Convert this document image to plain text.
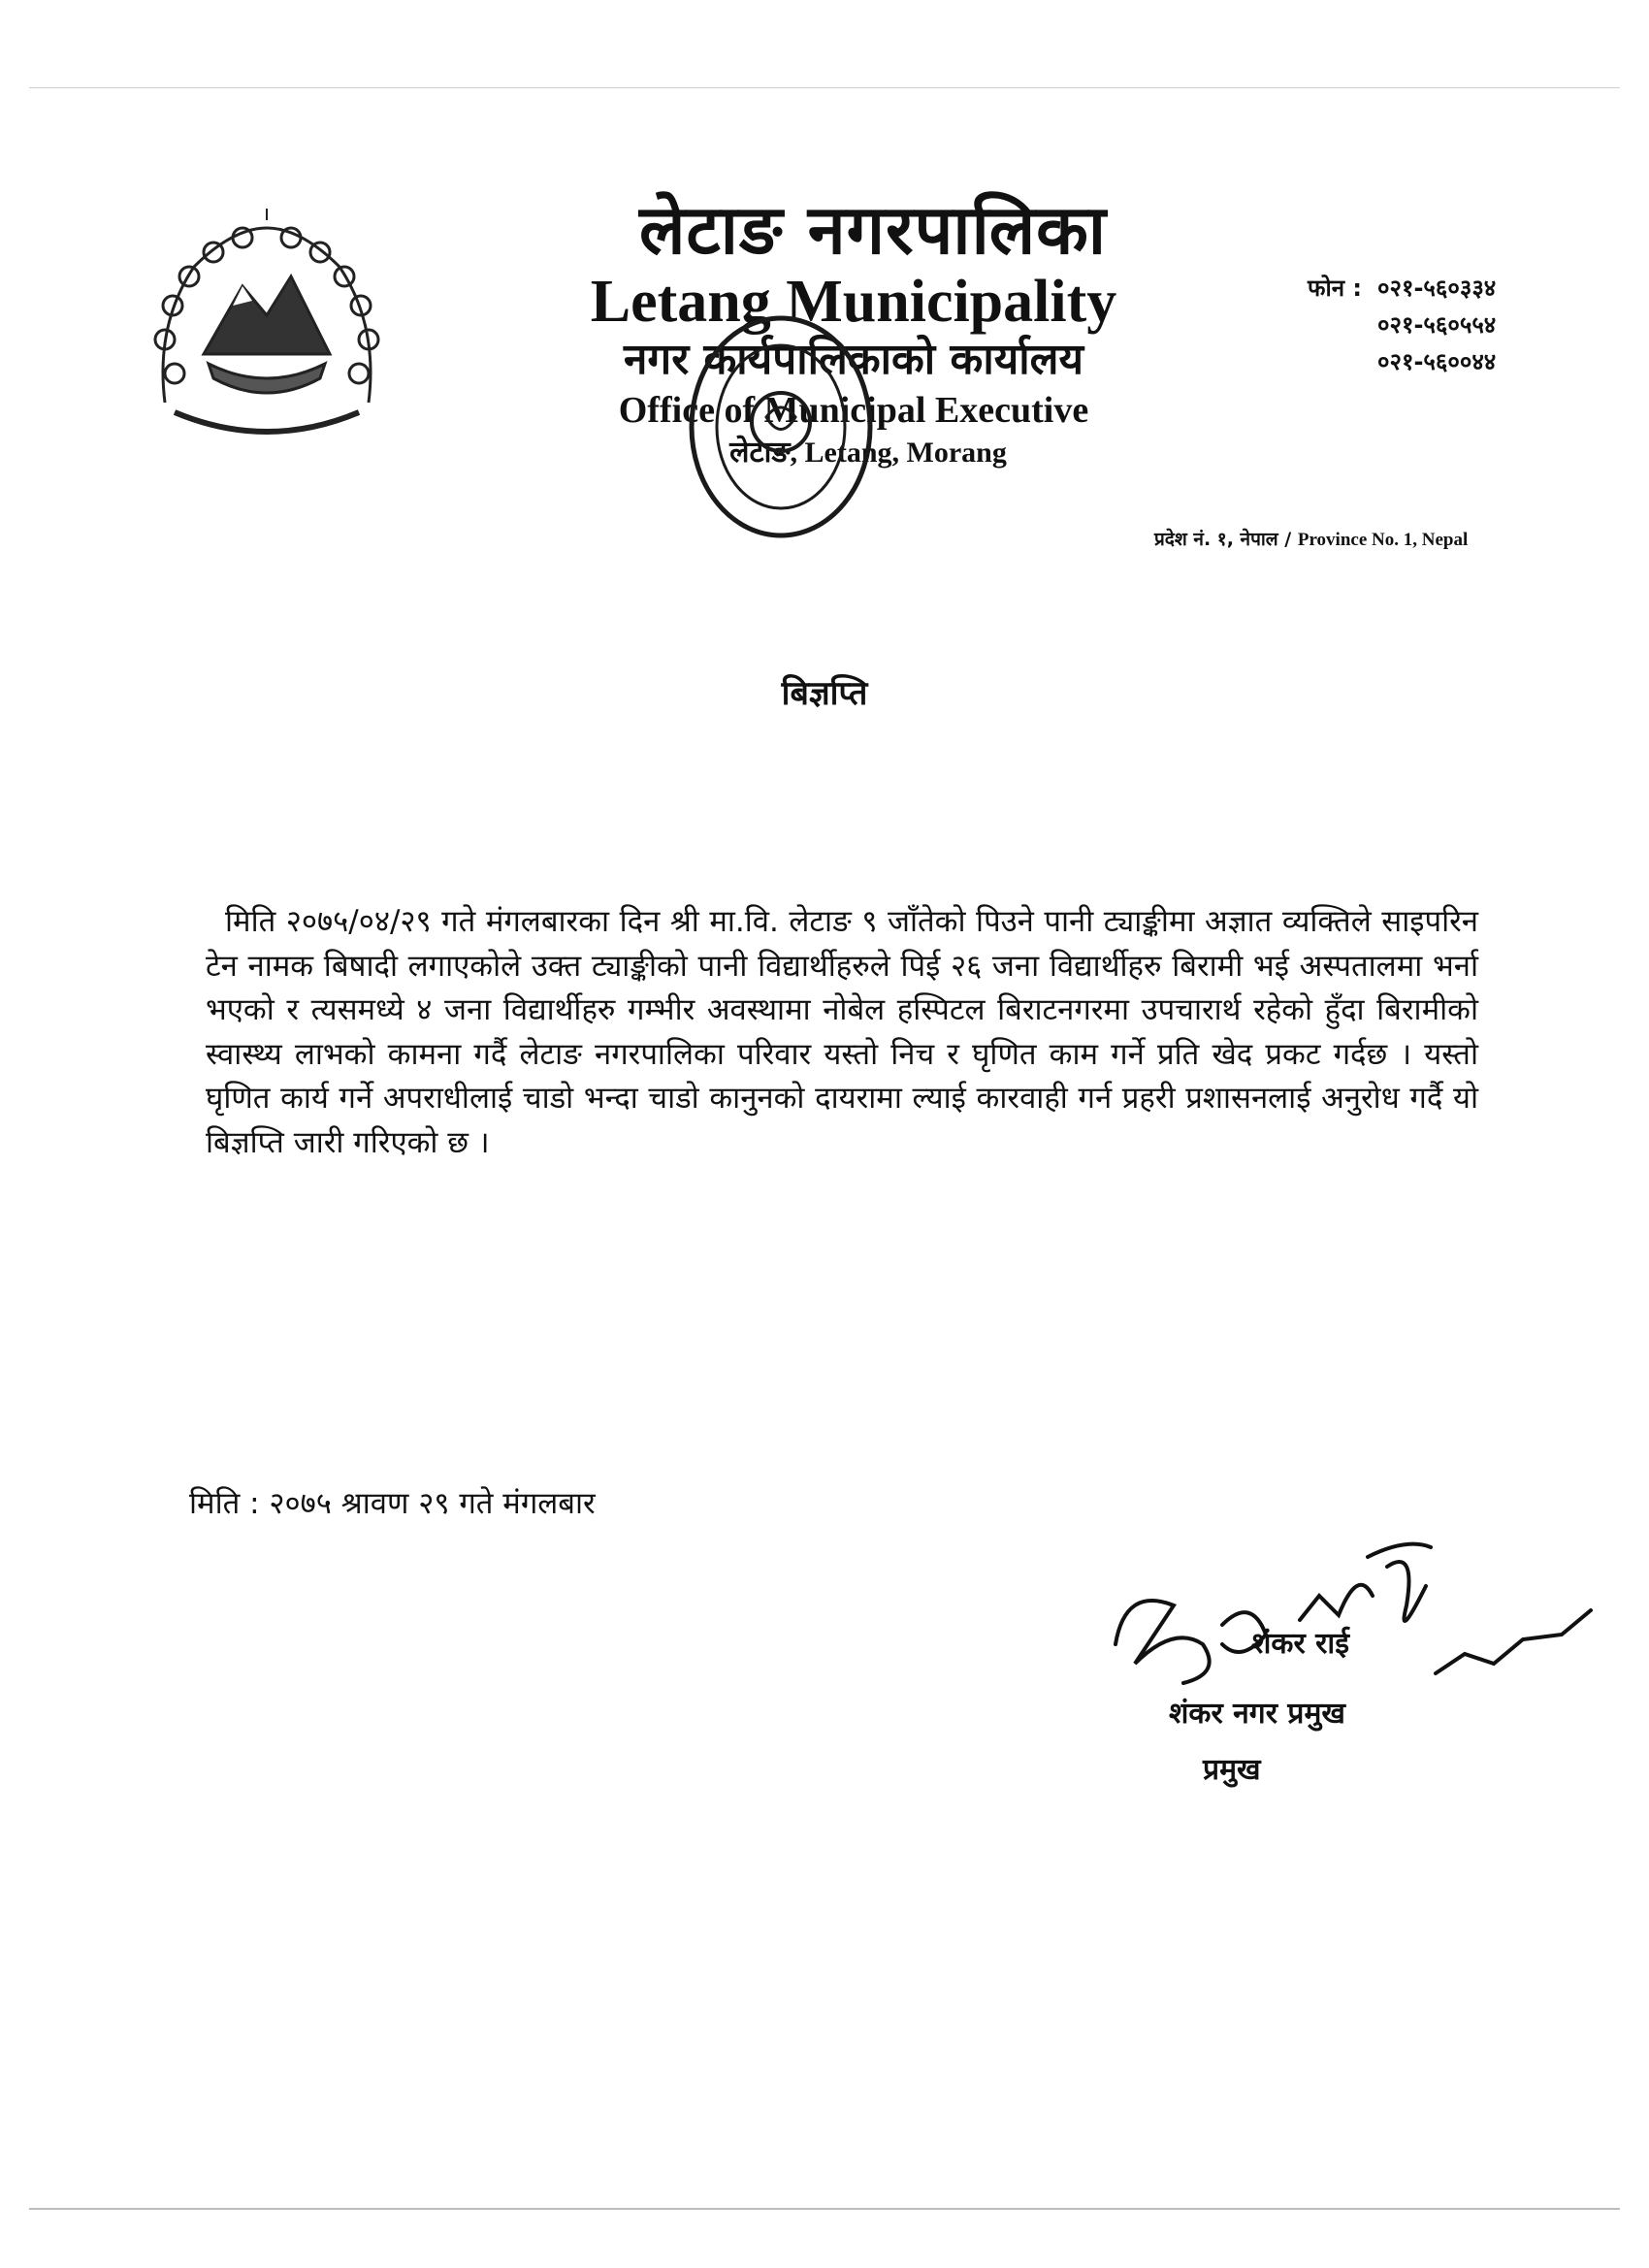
लेटाङ नगरपालिका
Letang Municipality
नगर कार्यपालिकाको कार्यालय
Office of Municipal Executive
लेटाङ, Letang, Morang
फोन : ०२१-५६०३३४
०२१-५६०५५४
०२१-५६००४४
प्रदेश नं. १, नेपाल / Province No. 1, Nepal
बिज्ञप्ति
मिति २०७५/०४/२९ गते मंगलबारका दिन श्री मा.वि. लेटाङ ९ जाँतेको पिउने पानी ट्याङ्कीमा अज्ञात व्यक्तिले साइपरिन टेन नामक बिषादी लगाएकोले उक्त ट्याङ्कीको पानी विद्यार्थीहरुले पिई २६ जना विद्यार्थीहरु बिरामी भई अस्पतालमा भर्ना भएको र त्यसमध्ये ४ जना विद्यार्थीहरु गम्भीर अवस्थामा नोबेल हस्पिटल बिराटनगरमा उपचारार्थ रहेको हुँदा बिरामीको स्वास्थ्य लाभको कामना गर्दै लेटाङ नगरपालिका परिवार यस्तो निच र घृणित काम गर्ने प्रति खेद प्रकट गर्दछ । यस्तो घृणित कार्य गर्ने अपराधीलाई चाडो भन्दा चाडो कानुनको दायरामा ल्याई कारवाही गर्न प्रहरी प्रशासनलाई अनुरोध गर्दै यो बिज्ञप्ति जारी गरिएको छ ।
मिति : २०७५ श्रावण २९ गते मंगलबार
शंकर राई
शंकर नगर प्रमुख
प्रमुख
